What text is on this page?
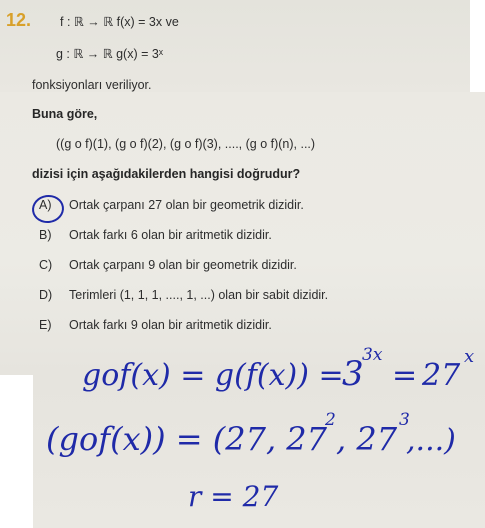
12. f : ℝ → ℝ f(x) = 3x ve
g : ℝ → ℝ g(x) = 3ˣ
fonksiyonları veriliyor.
Buna göre,
((g o f)(1), (g o f)(2), (g o f)(3), ...., (g o f)(n), ...)
dizisi için aşağıdakilerden hangisi doğrudur?
A) Ortak çarpanı 27 olan bir geometrik dizidir.
B) Ortak farkı 6 olan bir aritmetik dizidir.
C) Ortak çarpanı 9 olan bir geometrik dizidir.
D) Terimleri (1, 1, 1, ...., 1, ...) olan bir sabit dizidir.
E) Ortak farkı 9 olan bir aritmetik dizidir.
gof(x) = g(f(x)) =
3
3x
= 27
x
(gof(x)) = (27, 27
2 , 27 3
,...)
r = 27
